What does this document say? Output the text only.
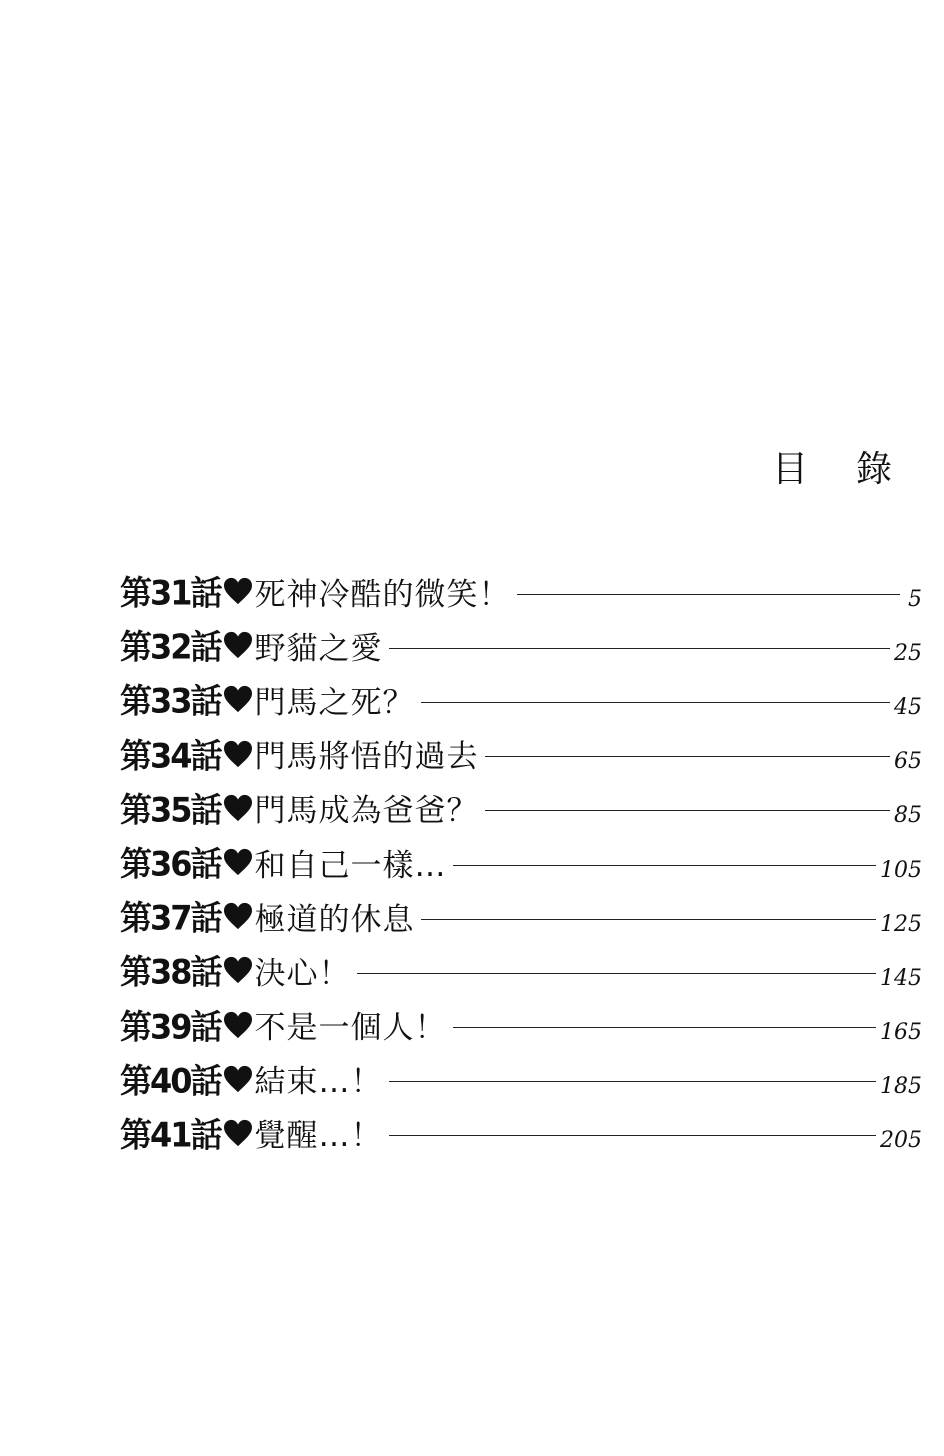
目 錄
第31話 死神冷酷的微笑！	5
第32話 野貓之愛	25
第33話 門馬之死？	45
第34話 門馬將悟的過去	65
第35話 門馬成為爸爸？	85
第36話 和自己一樣…	105
第37話 極道的休息	125
第38話 決心！	145
第39話 不是一個人！	165
第40話 結束…！	185
第41話 覺醒…！	205
